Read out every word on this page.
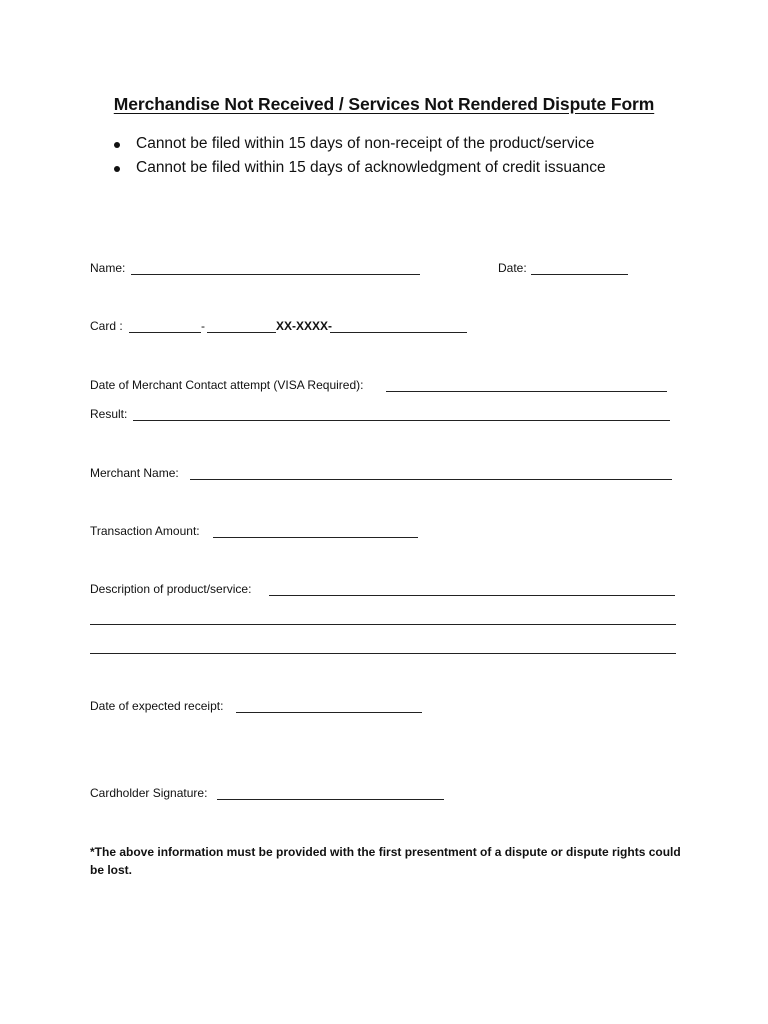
Merchandise Not Received / Services Not Rendered Dispute Form
Cannot be filed within 15 days of non-receipt of the product/service
Cannot be filed within 15 days of acknowledgment of credit issuance
Name:	Date:
Card :	-	XX-XXXX-
Date of Merchant Contact attempt (VISA Required):
Result:
Merchant Name:
Transaction Amount:
Description of product/service:
Date of expected receipt:
Cardholder Signature:
*The above information must be provided with the first presentment of a dispute or dispute rights could be lost.
